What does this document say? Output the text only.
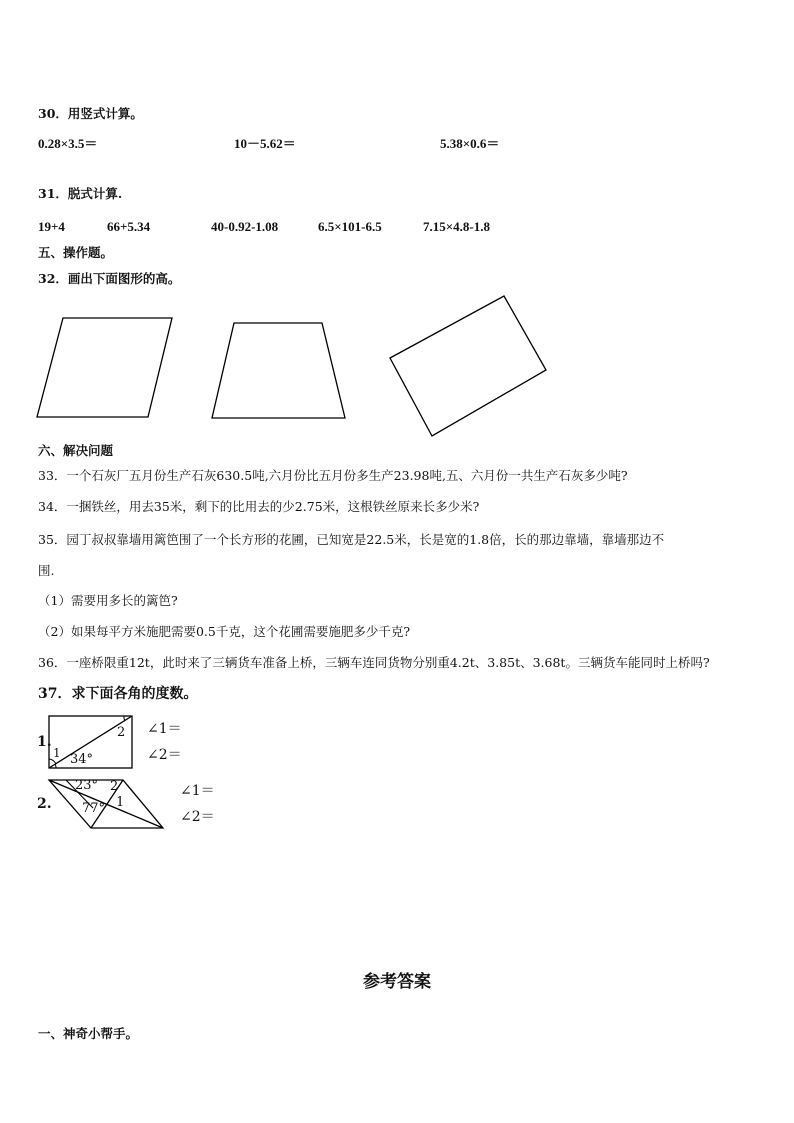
30．用竖式计算。
0.28×3.5＝	10－5.62＝	5.38×0.6＝
31．脱式计算.
19+4	66+5.34	40-0.92-1.08	6.5×101-6.5	7.15×4.8-1.8
五、操作题。
32．画出下面图形的高。
六、解决问题
33．一个石灰厂五月份生产石灰630.5吨,六月份比五月份多生产23.98吨,五、六月份一共生产石灰多少吨?
34．一捆铁丝，用去35米，剩下的比用去的少2.75米，这根铁丝原来长多少米?
35．园丁叔叔靠墙用篱笆围了一个长方形的花圃，已知宽是22.5米，长是宽的1.8倍，长的那边靠墙，靠墙那边不
围.
（1）需要用多长的篱笆?
（2）如果每平方米施肥需要0.5千克，这个花圃需要施肥多少千克?
36．一座桥限重12t，此时来了三辆货车准备上桥，三辆车连同货物分别重4.2t、3.85t、3.68t。三辆货车能同时上桥吗?
37．求下面各角的度数。
1.
2
1 34°
∠1＝
∠2＝
2.
23° 2
1
77°
∠1＝
∠2＝
参考答案
一、神奇小帮手。
